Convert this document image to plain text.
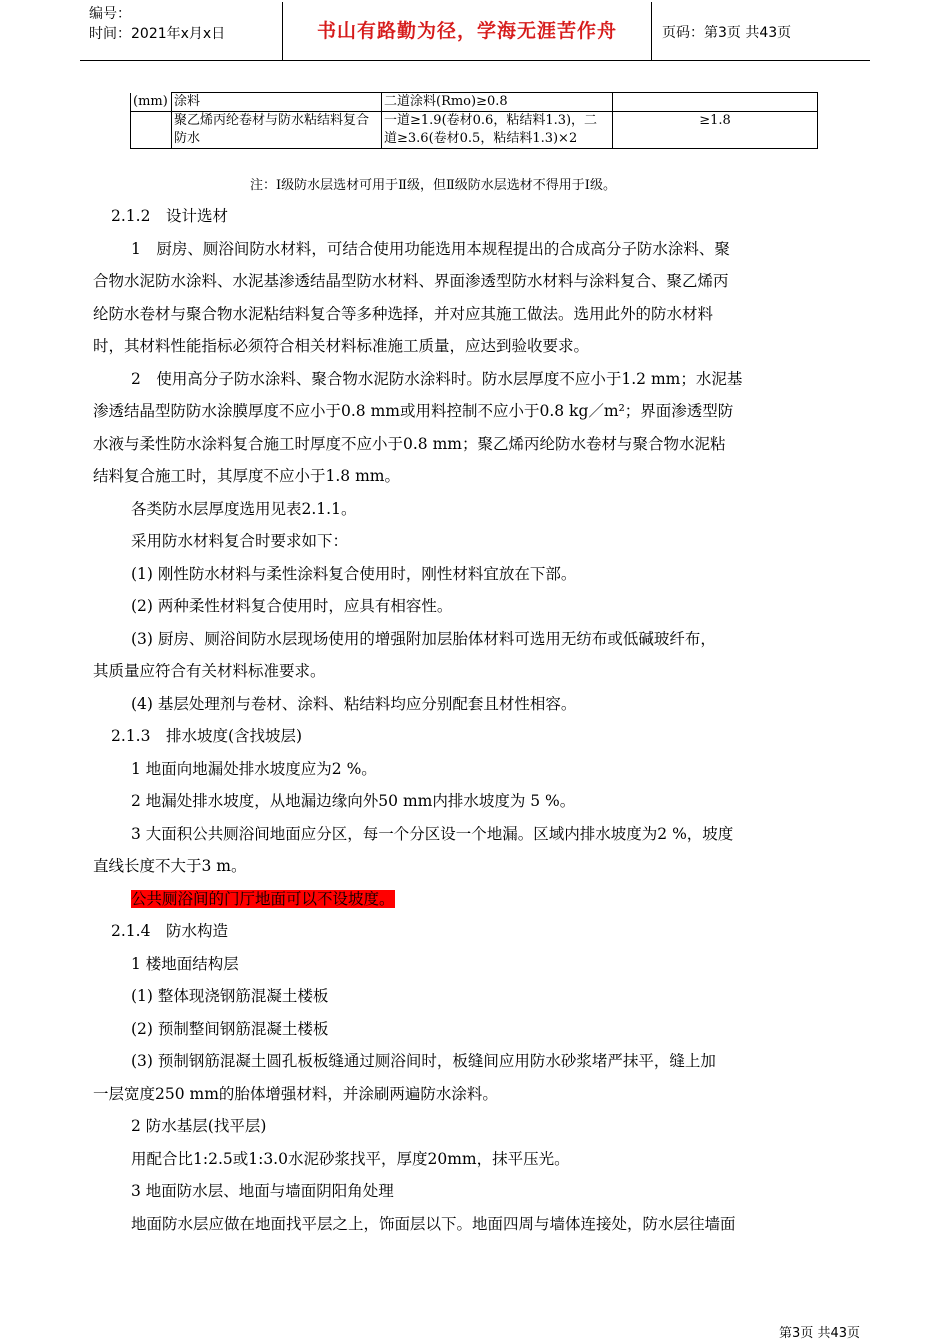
编号：
时间：2021年x月x日	书山有路勤为径，学海无涯苦作舟	页码：第3页 共43页
(mm)	涂料	二道涂料(Rmo)≥0.8	
	聚乙烯丙纶卷材与防水粘结料复合防水	一道≥1.9(卷材0.6，粘结料1.3)，二道≥3.6(卷材0.5，粘结料1.3)×2	≥1.8
注：Ⅰ级防水层选材可用于Ⅱ级，但Ⅱ级防水层选材不得用于Ⅰ级。

2.1.2　设计选材

1　厨房、厕浴间防水材料，可结合使用功能选用本规程提出的合成高分子防水涂料、聚

合物水泥防水涂料、水泥基渗透结晶型防水材料、界面渗透型防水材料与涂料复合、聚乙烯丙

纶防水卷材与聚合物水泥粘结料复合等多种选择，并对应其施工做法。选用此外的防水材料

时，其材料性能指标必须符合相关材料标准施工质量，应达到验收要求。

2　使用高分子防水涂料、聚合物水泥防水涂料时。防水层厚度不应小于1.2 mm；水泥基

渗透结晶型防防水涂膜厚度不应小于0.8 mm或用料控制不应小于0.8 kg／m²；界面渗透型防

水液与柔性防水涂料复合施工时厚度不应小于0.8 mm；聚乙烯丙纶防水卷材与聚合物水泥粘

结料复合施工时，其厚度不应小于1.8 mm。

各类防水层厚度选用见表2.1.1。

采用防水材料复合时要求如下：

(1) 刚性防水材料与柔性涂料复合使用时，刚性材料宜放在下部。

(2) 两种柔性材料复合使用时，应具有相容性。

(3) 厨房、厕浴间防水层现场使用的增强附加层胎体材料可选用无纺布或低碱玻纤布，

其质量应符合有关材料标准要求。

(4) 基层处理剂与卷材、涂料、粘结料均应分别配套且材性相容。

2.1.3　排水坡度(含找坡层)

1 地面向地漏处排水坡度应为2 %。

2 地漏处排水坡度，从地漏边缘向外50 mm内排水坡度为 5 %。

3 大面积公共厕浴间地面应分区，每一个分区设一个地漏。区域内排水坡度为2 %，坡度

直线长度不大于3 m。

公共厕浴间的门厅地面可以不设坡度。

2.1.4　防水构造

1 楼地面结构层

(1) 整体现浇钢筋混凝土楼板

(2) 预制整间钢筋混凝土楼板

(3) 预制钢筋混凝土圆孔板板缝通过厕浴间时，板缝间应用防水砂浆堵严抹平，缝上加

一层宽度250 mm的胎体增强材料，并涂刷两遍防水涂料。

2 防水基层(找平层)

用配合比1:2.5或1:3.0水泥砂浆找平，厚度20mm，抹平压光。

3 地面防水层、地面与墙面阴阳角处理

地面防水层应做在地面找平层之上，饰面层以下。地面四周与墙体连接处，防水层往墙面

第3页 共43页
